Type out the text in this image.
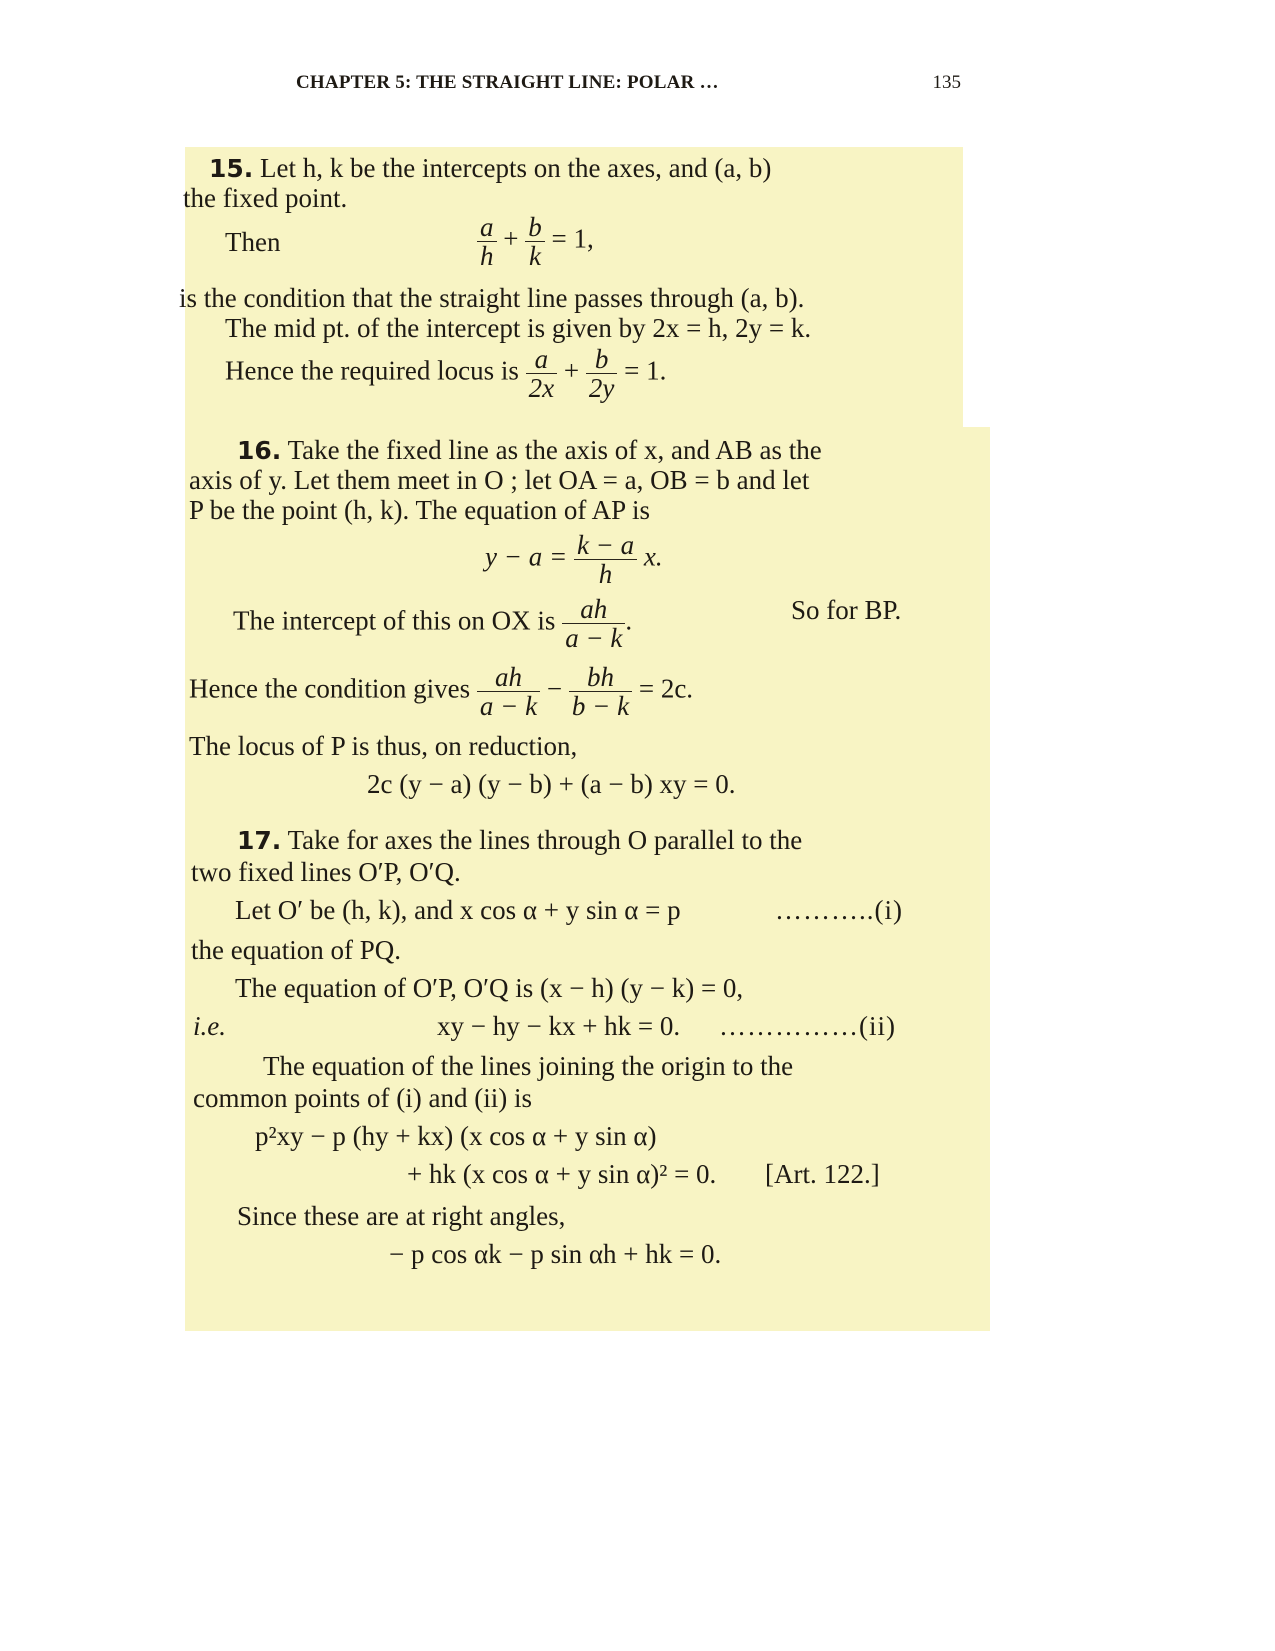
CHAPTER 5: THE STRAIGHT LINE: POLAR …	135
15. Let h, k be the intercepts on the axes, and (a, b)
the fixed point.
Then	$\frac{a}{h} + \frac{b}{k} = 1$,
is the condition that the straight line passes through (a, b).
The mid pt. of the intercept is given by 2x = h, 2y = k.
Hence the required locus is $\frac{a}{2x} + \frac{b}{2y} = 1$.
16. Take the fixed line as the axis of x, and AB as the
axis of y. Let them meet in O ; let OA = a, OB = b and let
P be the point (h, k). The equation of AP is
$y - a = \frac{k - a}{h} x$.
The intercept of this on OX is $\frac{ah}{a - k}$ .	So for BP.
Hence the condition gives $\frac{ah}{a - k} - \frac{bh}{b - k} = 2c$.
The locus of P is thus, on reduction,
2c (y − a) (y − b) + (a − b) xy = 0.
17. Take for axes the lines through O parallel to the
two fixed lines O′P, O′Q.
Let O′ be (h, k), and x cos α + y sin α = p	………..(i)
the equation of PQ.
The equation of O′P, O′Q is (x − h) (y − k) = 0,
i.e.	xy − hy − kx + hk = 0. ……………(ii)
The equation of the lines joining the origin to the
common points of (i) and (ii) is
p²xy − p (hy + kx) (x cos α + y sin α)
+ hk (x cos α + y sin α)² = 0. [Art. 122.]
Since these are at right angles,
− p cos αk − p sin αh + hk = 0.
